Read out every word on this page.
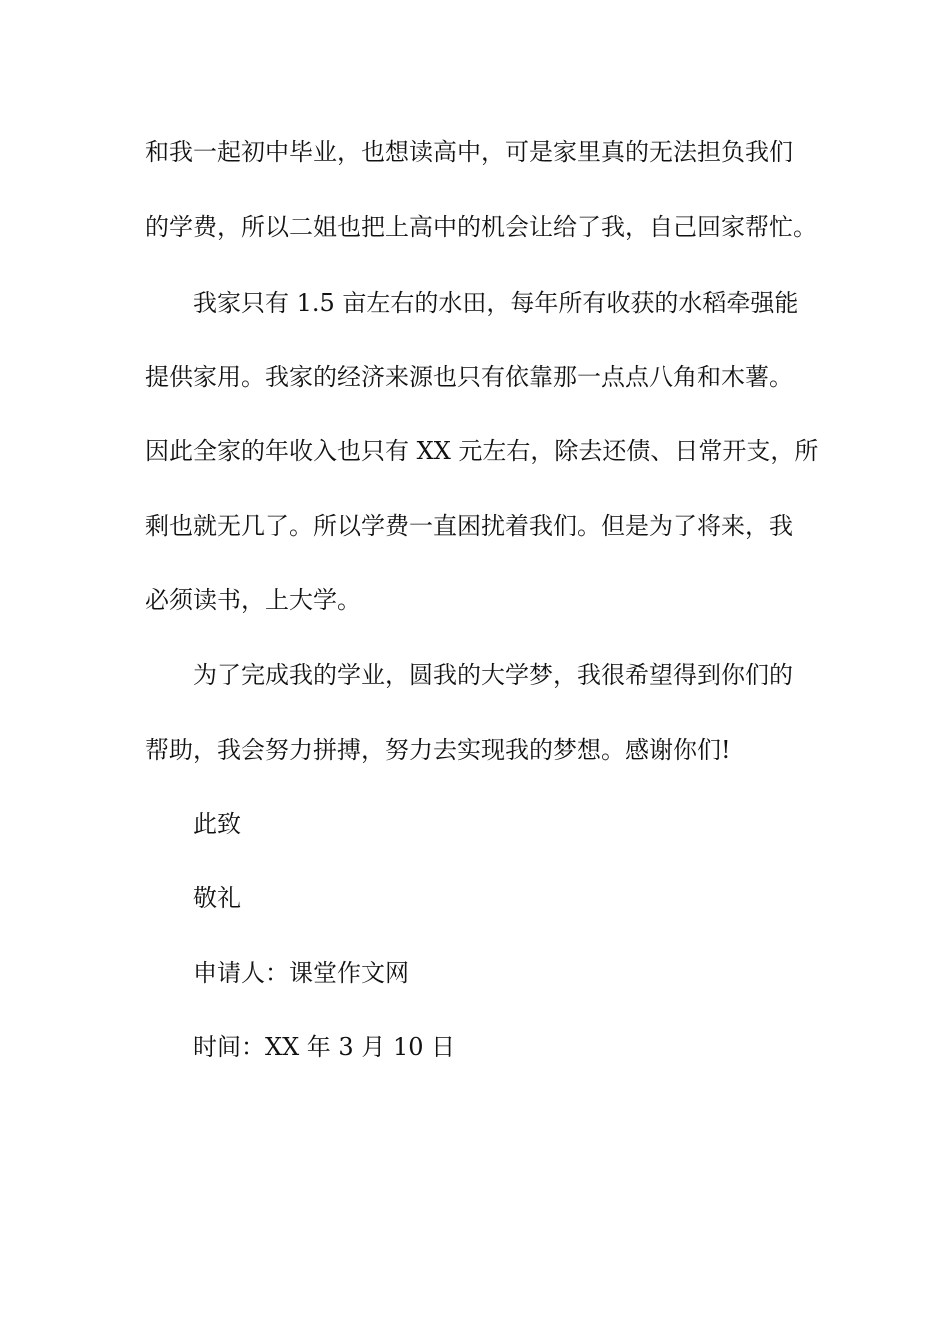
和我一起初中毕业，也想读高中，可是家里真的无法担负我们
的学费，所以二姐也把上高中的机会让给了我，自己回家帮忙。
我家只有 1.5 亩左右的水田，每年所有收获的水稻牵强能
提供家用。我家的经济来源也只有依靠那一点点八角和木薯。
因此全家的年收入也只有 XX 元左右，除去还债、日常开支，所
剩也就无几了。所以学费一直困扰着我们。但是为了将来，我
必须读书，上大学。
为了完成我的学业，圆我的大学梦，我很希望得到你们的
帮助，我会努力拼搏，努力去实现我的梦想。感谢你们!
此致
敬礼
申请人：课堂作文网
时间：XX 年 3 月 10 日
